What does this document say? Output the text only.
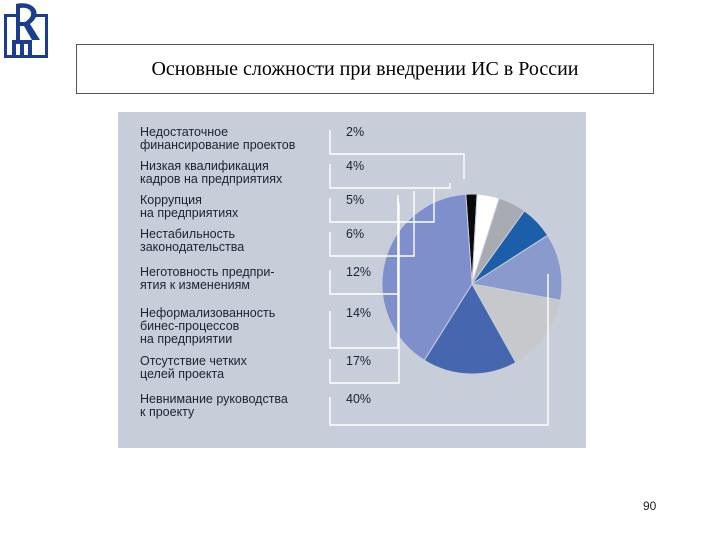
Основные сложности при внедрении ИС в России
Недостаточное
финансирование проектов
2%
Низкая квалификация
кадров на предприятиях
4%
Коррупция
на предприятиях
5%
Нестабильность
законодательства
6%
Неготовность предпри-
ятия к изменениям
12%
Неформализованность
бинес-процессов
на предприятии
14%
Отсутствие четких
целей проекта
17%
Невнимание руководства
к проекту
40%
90
